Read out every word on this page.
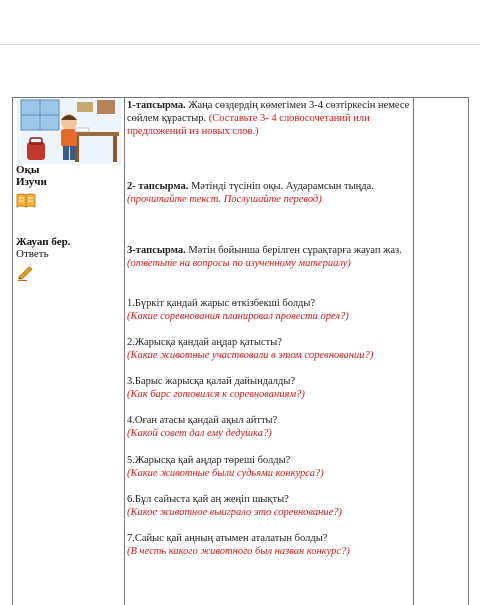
Оқы
Изучи
Жауап бер.
Ответь
1-тапсырма. Жаңа сөздердің көмегімен 3-4 сөзтіркесін немесе сөйлем құрастыр. (Составьте 3- 4 словосочетаний или предложений из новых слов.)
2- тапсырма. Мәтінді түсініп оқы. Аударамсын тыңда.
(прочитайте текст. Послушайте перевод)
3-тапсырма. Мәтін бойынша берілген сұрақтарға жауап жаз. (ответьте на вопросы по изученному материалу)
1.Бүркіт қандай жарыс өткізбекші болды?
(Какие соревнования планировал провести орел?)
2.Жарысқа қандай аңдар қатысты?
(Какие животные участвовали в этом соревновании?)
3.Барыс жарысқа қалай дайындалды?
(Как барс готовился к соревнованиям?)
4.Оған атасы қандай ақыл айтты?
(Какой совет дал ему дедушка?)
5.Жарысқа қай аңдар төреші болды?
(Какие животные были судьями конкурса?)
6.Бұл сайыста қай аң жеңіп шықты?
(Какое животное выиграло это соревнование?)
7.Сайыс қай аңның атымен аталатын болды?
(В честь какого животного был назван конкурс?)
